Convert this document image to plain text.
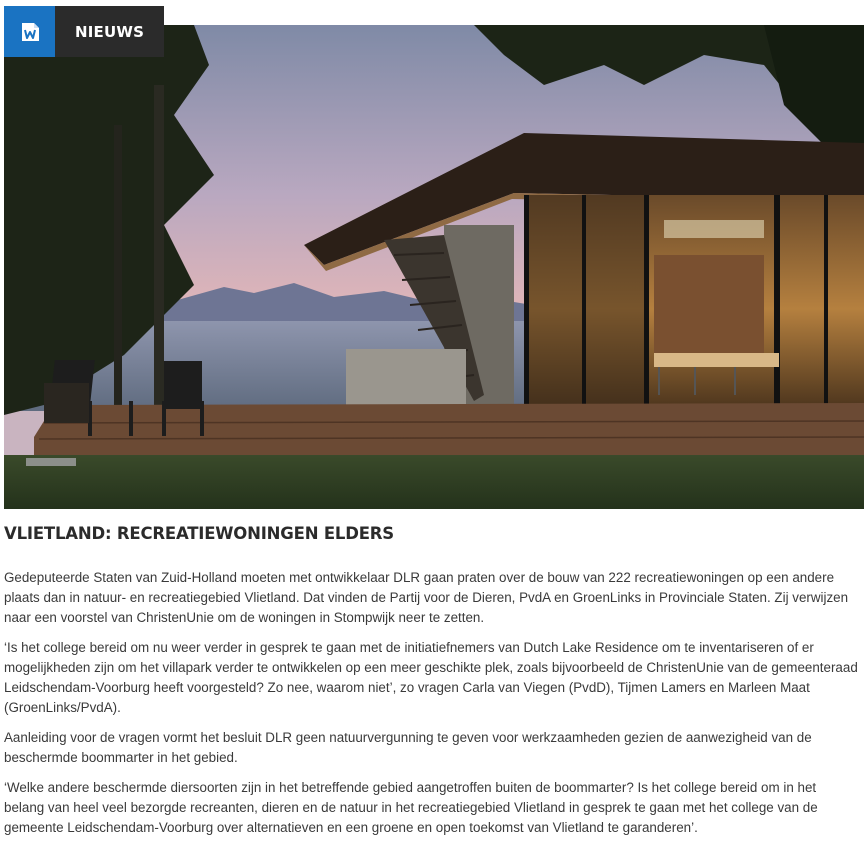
NIEUWS
VLIETLAND: RECREATIEWONINGEN ELDERS

Gedeputeerde Staten van Zuid-Holland moeten met ontwikkelaar DLR gaan praten over de bouw van 222 recreatiewoningen op een andere plaats dan in natuur- en recreatiegebied Vlietland. Dat vinden de Partij voor de Dieren, PvdA en GroenLinks in Provinciale Staten. Zij verwijzen naar een voorstel van ChristenUnie om de woningen in Stompwijk neer te zetten.

‘Is het college bereid om nu weer verder in gesprek te gaan met de initiatiefnemers van Dutch Lake Residence om te inventariseren of er mogelijkheden zijn om het villapark verder te ontwikkelen op een meer geschikte plek, zoals bijvoorbeeld de ChristenUnie van de gemeenteraad Leidschendam-Voorburg heeft voorgesteld? Zo nee, waarom niet’, zo vragen Carla van Viegen (PvdD), Tijmen Lamers en Marleen Maat (GroenLinks/PvdA).

Aanleiding voor de vragen vormt het besluit DLR geen natuurvergunning te geven voor werkzaamheden gezien de aanwezigheid van de beschermde boommarter in het gebied.

‘Welke andere beschermde diersoorten zijn in het betreffende gebied aangetroffen buiten de boommarter? Is het college bereid om in het belang van heel veel bezorgde recreanten, dieren en de natuur in het recreatiegebied Vlietland in gesprek te gaan met het college van de gemeente Leidschendam-Voorburg over alternatieven en een groene en open toekomst van Vlietland te garanderen’.
